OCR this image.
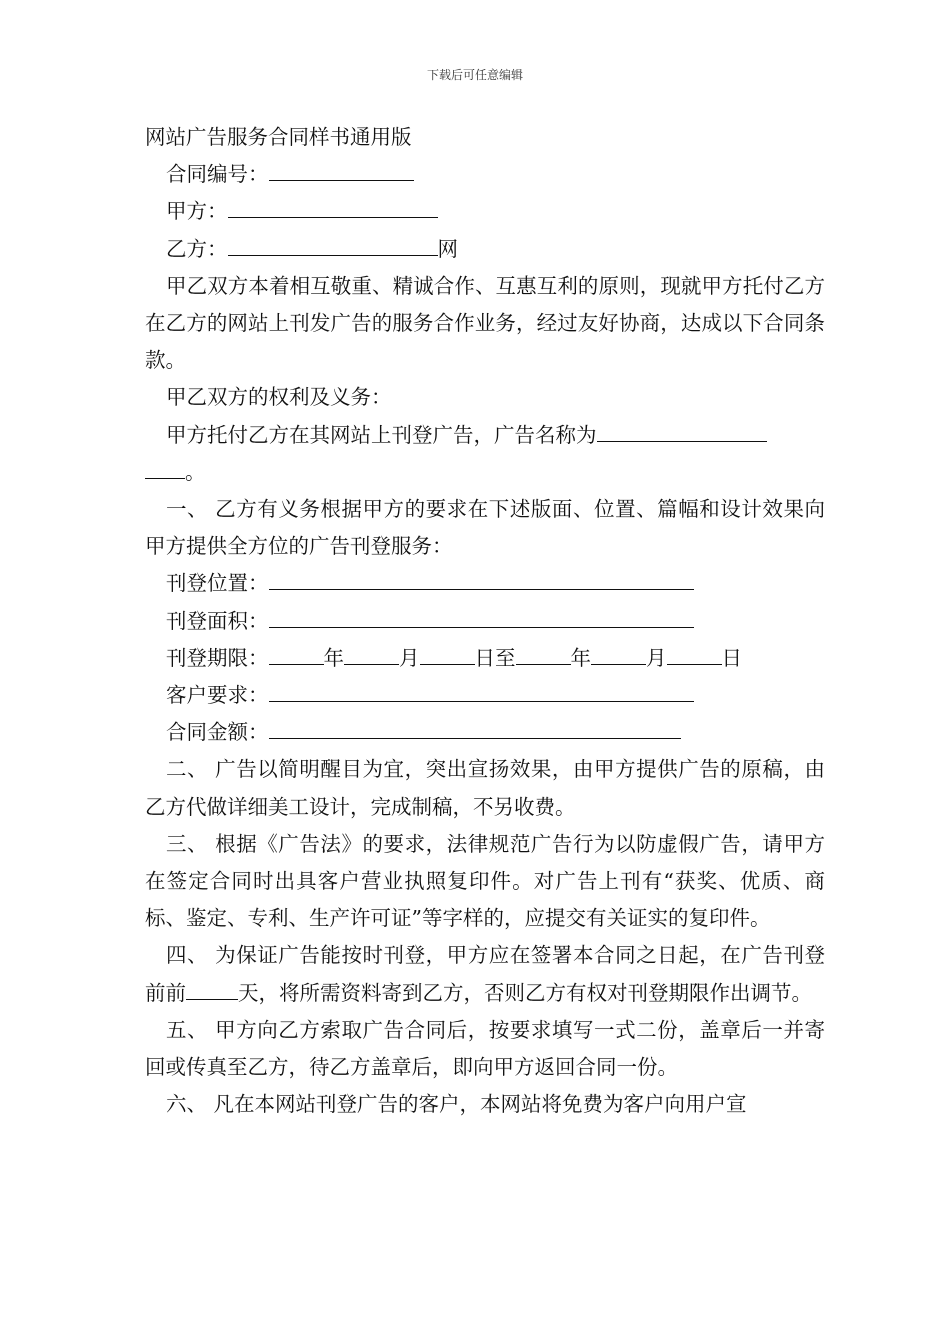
下载后可任意编辑

网站广告服务合同样书通用版

合同编号：

甲方：

乙方：	网

甲乙双方本着相互敬重、精诚合作、互惠互利的原则，现就甲方托付乙方在乙方的网站上刊发广告的服务合作业务，经过友好协商，达成以下合同条款。

甲乙双方的权利及义务：

甲方托付乙方在其网站上刊登广告，广告名称为

。

一、 乙方有义务根据甲方的要求在下述版面、位置、篇幅和设计效果向甲方提供全方位的广告刊登服务：

刊登位置：

刊登面积：

刊登期限：	年	月	日至	年	月	日

客户要求：

合同金额：

二、 广告以简明醒目为宜，突出宣扬效果，由甲方提供广告的原稿，由乙方代做详细美工设计，完成制稿，不另收费。

三、 根据《广告法》的要求，法律规范广告行为以防虚假广告，请甲方在签定合同时出具客户营业执照复印件。对广告上刊有“获奖、优质、商标、鉴定、专利、生产许可证”等字样的，应提交有关证实的复印件。

四、 为保证广告能按时刊登，甲方应在签署本合同之日起，在广告刊登前前	天，将所需资料寄到乙方，否则乙方有权对刊登期限作出调节。

五、 甲方向乙方索取广告合同后，按要求填写一式二份，盖章后一并寄回或传真至乙方，待乙方盖章后，即向甲方返回合同一份。

六、 凡在本网站刊登广告的客户，本网站将免费为客户向用户宣
